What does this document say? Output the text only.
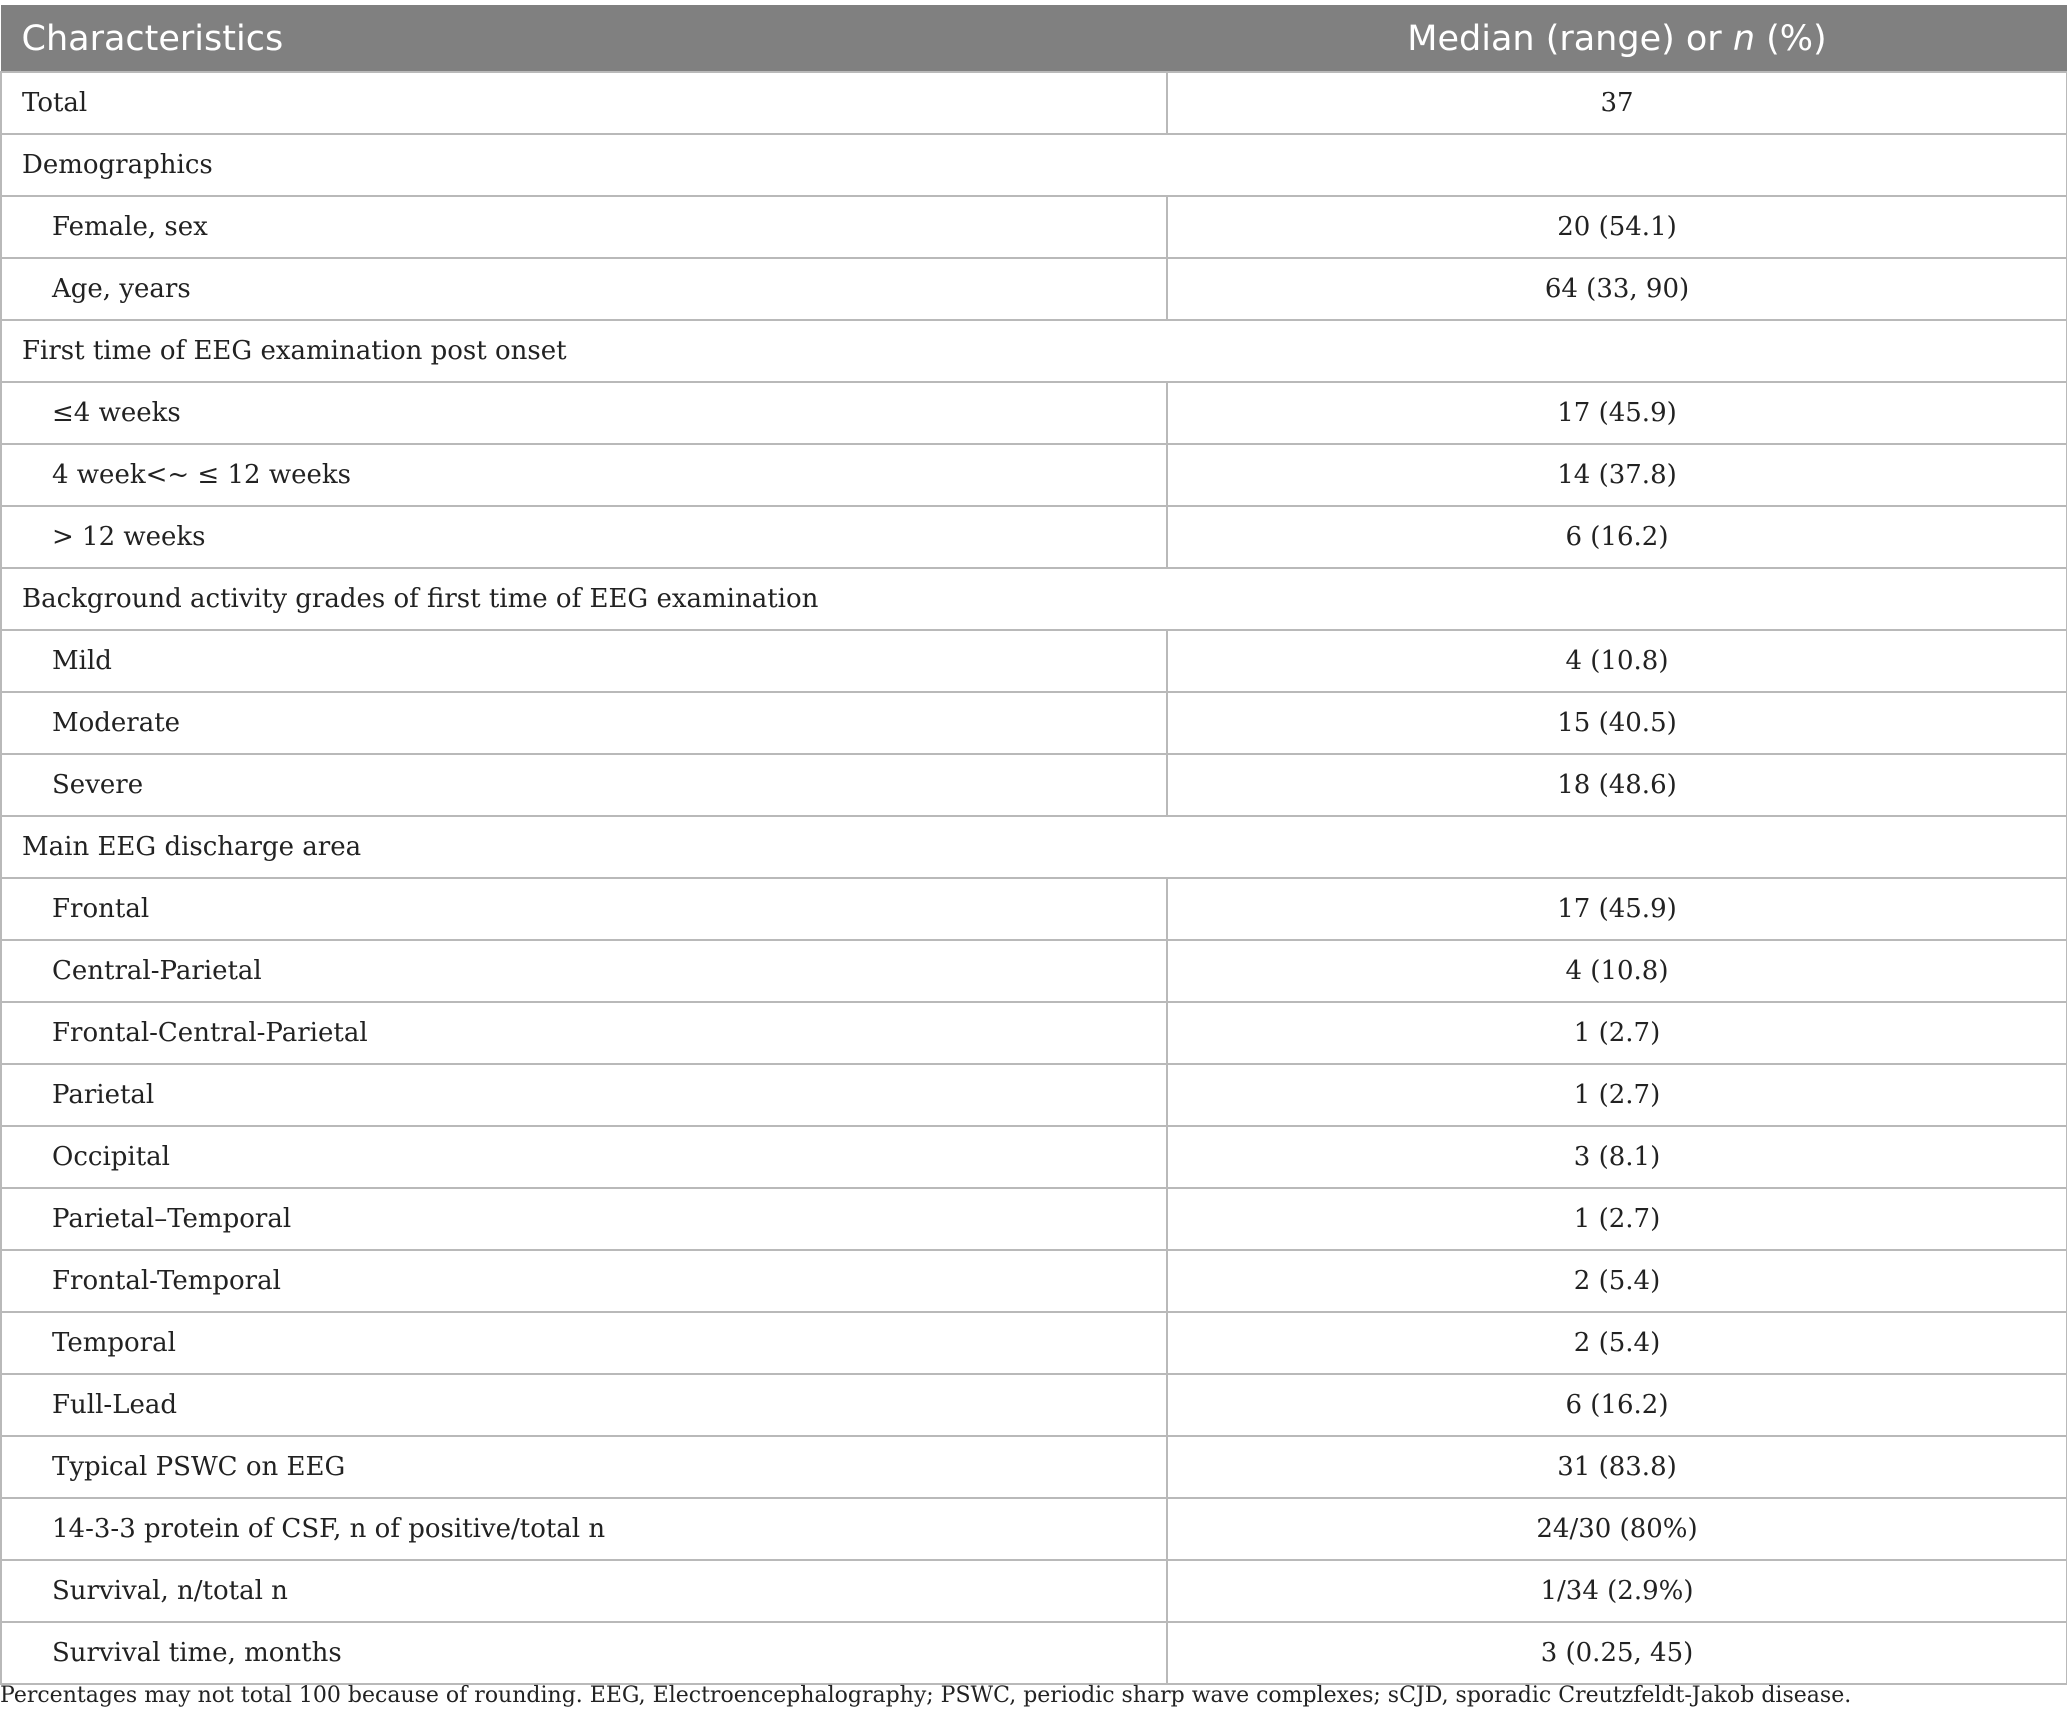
Characteristics	Median (range) or n (%)
Total	37
Demographics	
Female, sex	20 (54.1)
Age, years	64 (33, 90)
First time of EEG examination post onset	
≤4 weeks	17 (45.9)
4 week<~ ≤ 12 weeks	14 (37.8)
> 12 weeks	6 (16.2)
Background activity grades of first time of EEG examination	
Mild	4 (10.8)
Moderate	15 (40.5)
Severe	18 (48.6)
Main EEG discharge area	
Frontal	17 (45.9)
Central-Parietal	4 (10.8)
Frontal-Central-Parietal	1 (2.7)
Parietal	1 (2.7)
Occipital	3 (8.1)
Parietal–Temporal	1 (2.7)
Frontal-Temporal	2 (5.4)
Temporal	2 (5.4)
Full-Lead	6 (16.2)
Typical PSWC on EEG	31 (83.8)
14-3-3 protein of CSF, n of positive/total n	24/30 (80%)
Survival, n/total n	1/34 (2.9%)
Survival time, months	3 (0.25, 45)
Percentages may not total 100 because of rounding. EEG, Electroencephalography; PSWC, periodic sharp wave complexes; sCJD, sporadic Creutzfeldt-Jakob disease.
